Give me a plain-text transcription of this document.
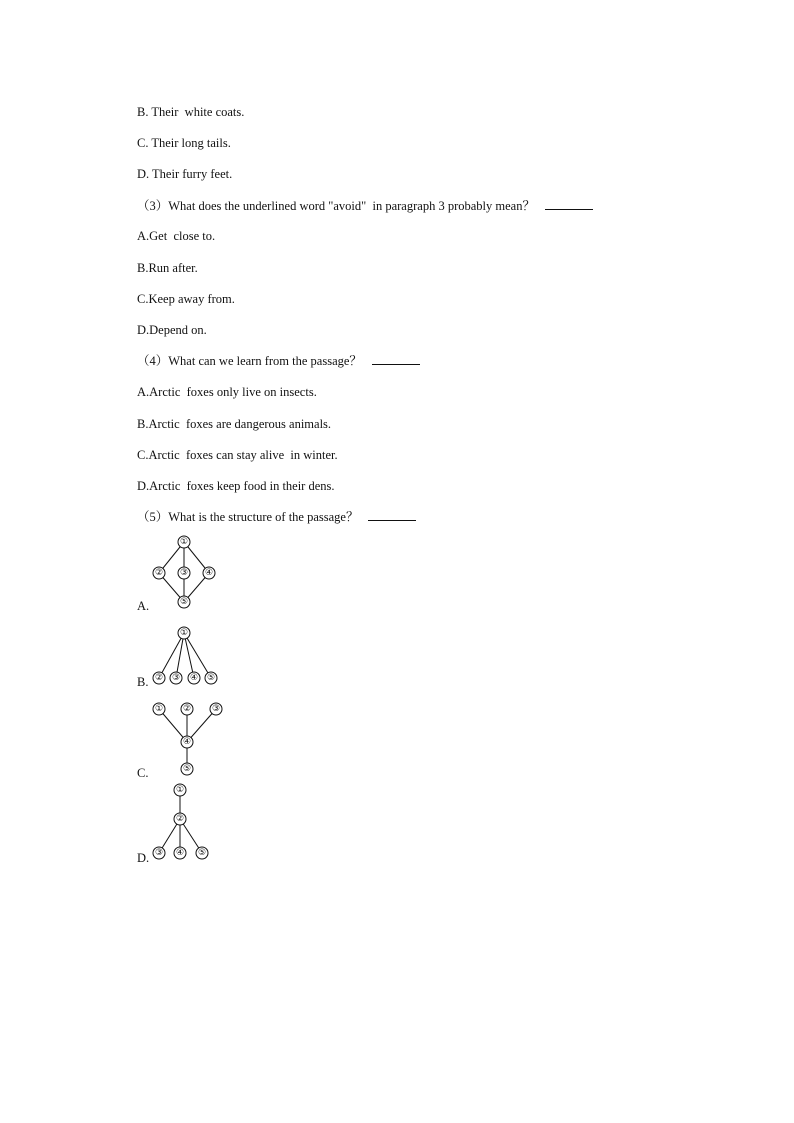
B. Their  white coats.
C. Their long tails.
D. Their furry feet.
（3）What does the underlined word "avoid"  in paragraph 3 probably mean？
A.Get  close to.
B.Run after.
C.Keep away from.
D.Depend on.
（4）What can we learn from the passage？
A.Arctic  foxes only live on insects.
B.Arctic  foxes are dangerous animals.
C.Arctic  foxes can stay alive  in winter.
D.Arctic  foxes keep food in their dens.
（5）What is the structure of the passage？
A.
①
② ③ ④
⑤
B.
①
② ③ ④ ⑤
C.
① ② ③
④
⑤
D.
①
②
③ ④ ⑤
